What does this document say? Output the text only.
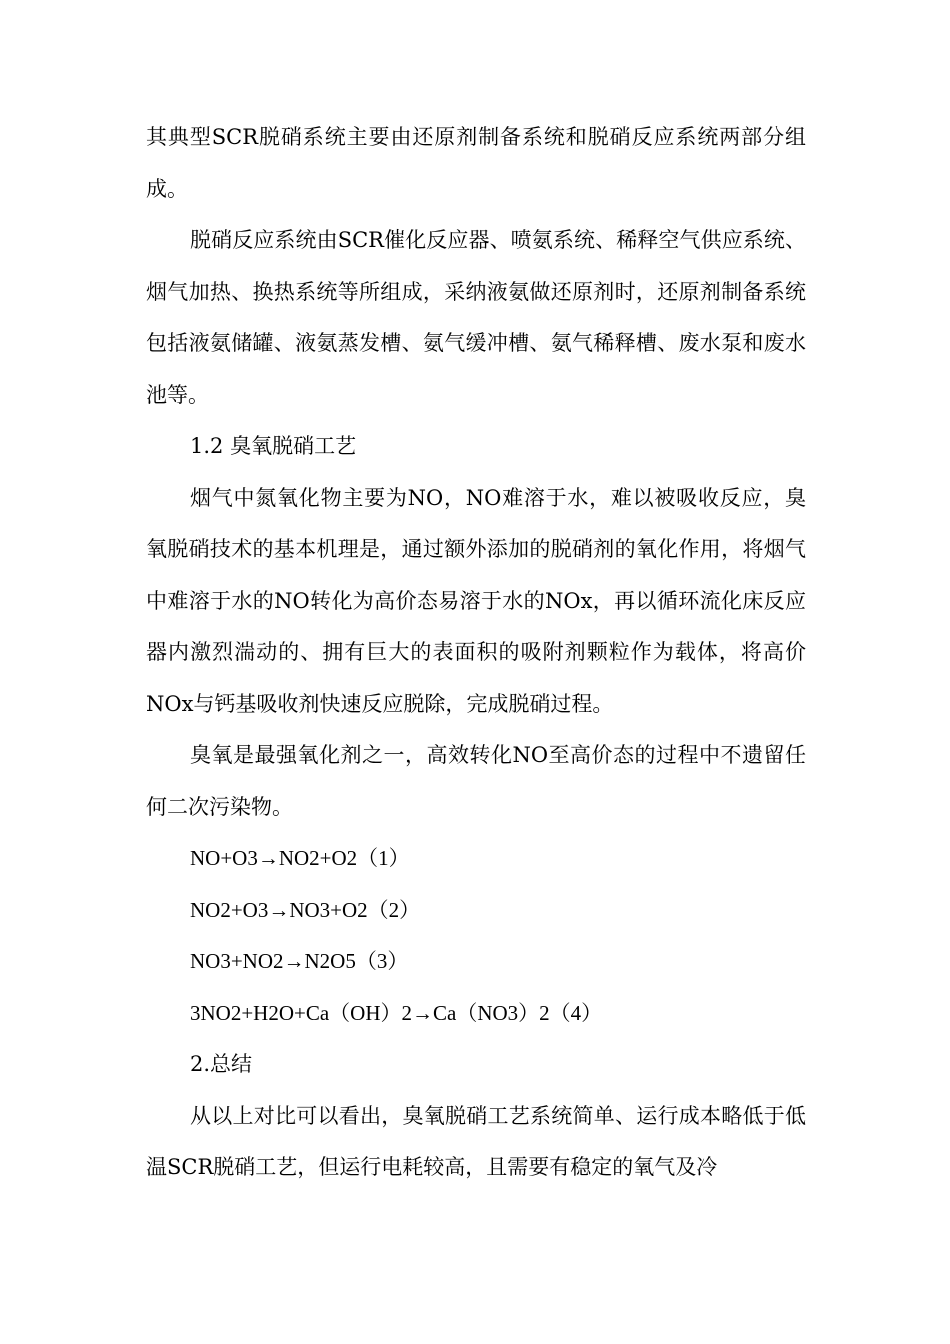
其典型SCR脱硝系统主要由还原剂制备系统和脱硝反应系统两部分组成。

脱硝反应系统由SCR催化反应器、喷氨系统、稀释空气供应系统、烟气加热、换热系统等所组成，采纳液氨做还原剂时，还原剂制备系统包括液氨储罐、液氨蒸发槽、氨气缓冲槽、氨气稀释槽、废水泵和废水池等。

1.2 臭氧脱硝工艺

烟气中氮氧化物主要为NO，NO难溶于水，难以被吸收反应，臭氧脱硝技术的基本机理是，通过额外添加的脱硝剂的氧化作用，将烟气中难溶于水的NO转化为高价态易溶于水的NOx，再以循环流化床反应器内激烈湍动的、拥有巨大的表面积的吸附剂颗粒作为载体，将高价NOx与钙基吸收剂快速反应脱除，完成脱硝过程。

臭氧是最强氧化剂之一，高效转化NO至高价态的过程中不遗留任何二次污染物。

NO+O3→NO2+O2（1）

NO2+O3→NO3+O2（2）

NO3+NO2→N2O5（3）

3NO2+H2O+Ca（OH）2→Ca（NO3）2（4）

2.总结

从以上对比可以看出，臭氧脱硝工艺系统简单、运行成本略低于低温SCR脱硝工艺，但运行电耗较高，且需要有稳定的氧气及冷
